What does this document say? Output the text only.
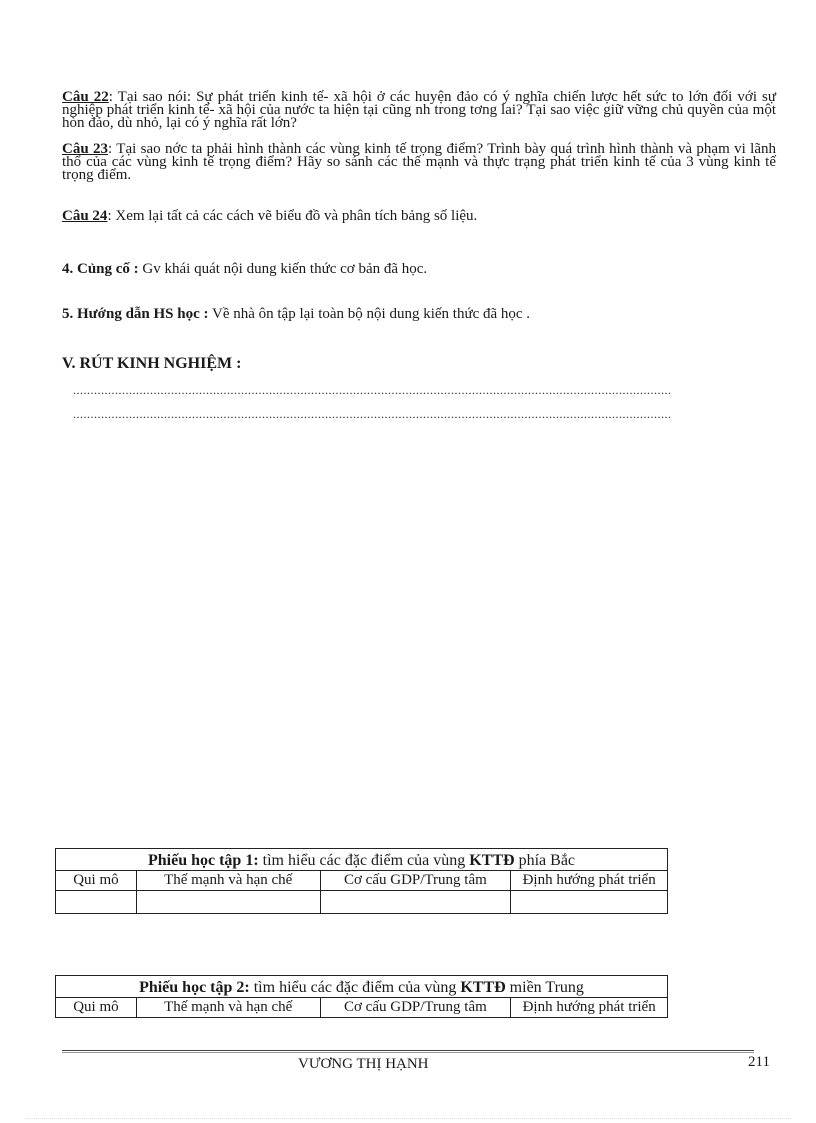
Câu 22: Tại sao nói: Sự phát triển kinh tế- xã hội ở các huyện đảo có ý nghĩa chiến lược hết sức to lớn đối với sự nghiệp phát triển kinh tế- xã hội của nước ta hiện tại cũng nh trong tơng lai? Tại sao việc giữ vững chủ quyền của một hòn đảo, dù nhỏ, lại có ý nghĩa rất lớn?
Câu 23: Tại sao nớc ta phải hình thành các vùng kinh tế trọng điểm? Trình bày quá trình hình thành và phạm vi lãnh thổ của các vùng kinh tế trọng điểm? Hãy so sánh các thế mạnh và thực trạng phát triển kinh tế của 3 vùng kinh tế trọng điểm.
Câu 24: Xem lại tất cả các cách vẽ biểu đồ và phân tích bảng số liệu.
4. Củng cố : Gv khái quát nội dung kiến thức cơ bản đã học.
5. Hướng dẫn HS học : Về nhà ôn tập lại toàn bộ nội dung kiến thức đã học .
V. RÚT KINH NGHIỆM :
...........................................................................................................................................................................
...........................................................................................................................................................................
Phiếu học tập 1: tìm hiểu các đặc điểm của vùng KTTĐ phía Bắc			
Qui mô	Thế mạnh và hạn chế	Cơ cấu GDP/Trung tâm	Định hướng phát triển

Phiếu học tập 2: tìm hiểu các đặc điểm của vùng KTTĐ miền Trung
Qui mô	Thế mạnh và hạn chế	Cơ cấu GDP/Trung tâm	Định hướng phát triển
VƯƠNG THỊ HẠNH	211
